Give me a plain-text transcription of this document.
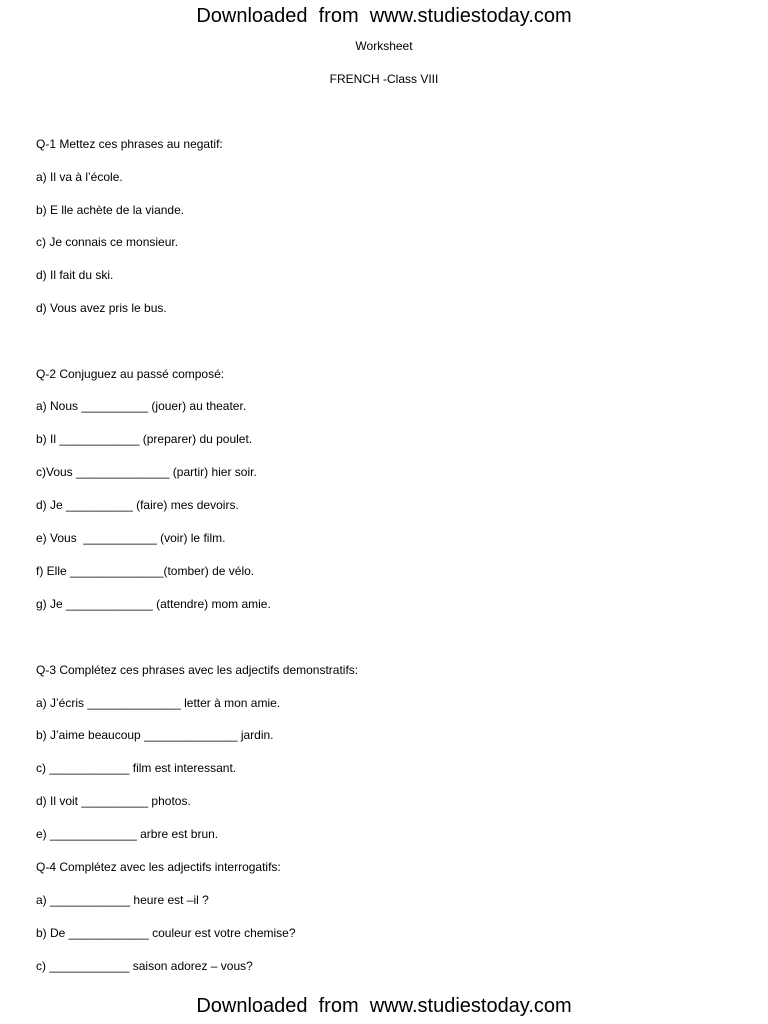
Downloaded  from  www.studiestoday.com
Worksheet
FRENCH -Class VIII
Q-1 Mettez ces phrases au negatif:
a) Il va à l’école.
b) E lle achète de la viande.
c) Je connais ce monsieur.
d) Il fait du ski.
d) Vous avez pris le bus.
Q-2 Conjuguez au passé composé:
a) Nous __________ (jouer) au theater.
b) Il ____________ (preparer) du poulet.
c)Vous ______________ (partir) hier soir.
d) Je __________ (faire) mes devoirs.
e) Vous  ___________ (voir) le film.
f) Elle ______________(tomber) de vélo.
g) Je _____________ (attendre) mom amie.
Q-3 Complétez ces phrases avec les adjectifs demonstratifs:
a) J’écris ______________ letter à mon amie.
b) J’aime beaucoup ______________ jardin.
c) ____________ film est interessant.
d) Il voit __________ photos.
e) _____________ arbre est brun.
Q-4 Complétez avec les adjectifs interrogatifs:
a) ____________ heure est –il ?
b) De ____________ couleur est votre chemise?
c) ____________ saison adorez – vous?
Downloaded  from  www.studiestoday.com
